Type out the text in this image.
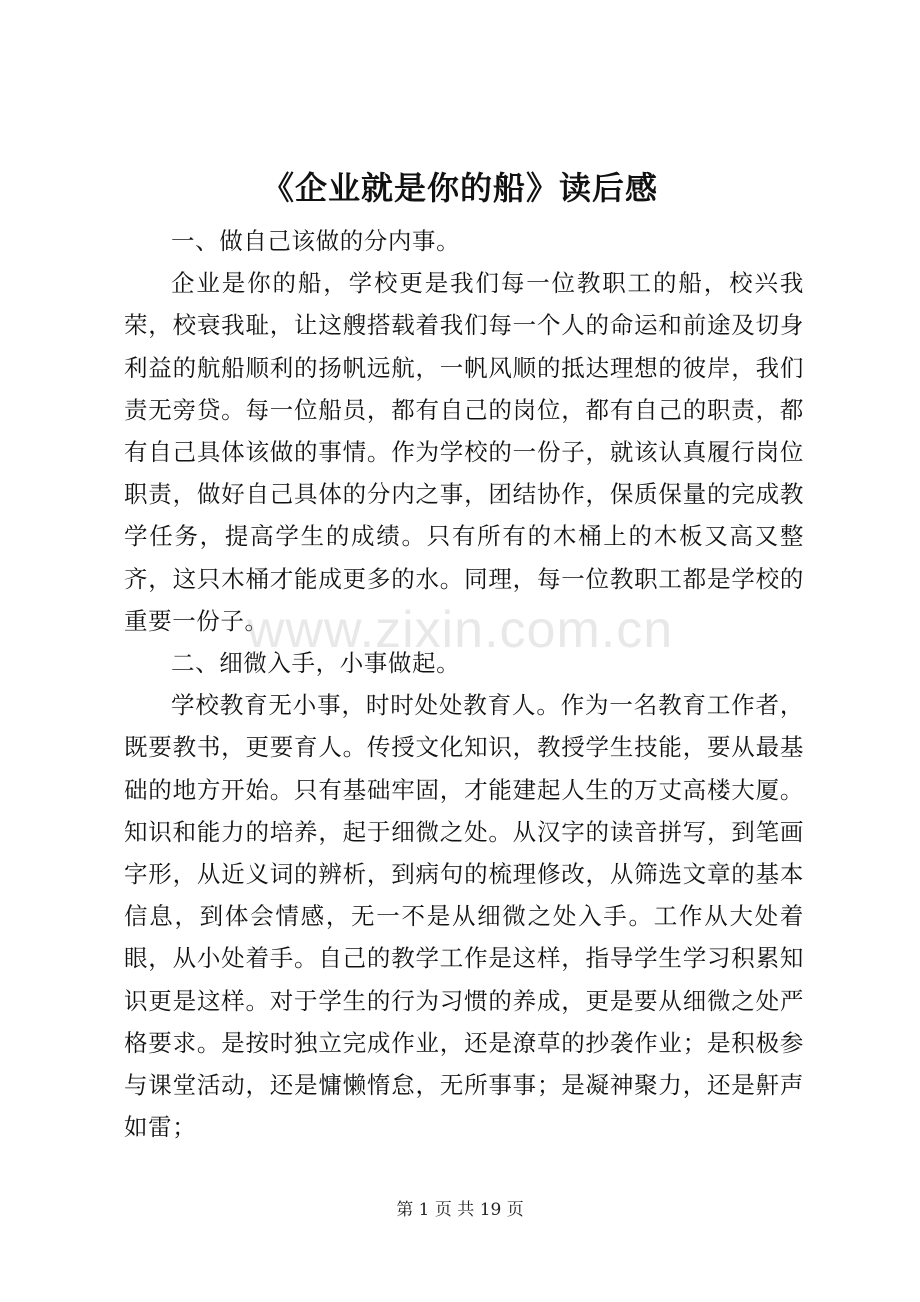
《企业就是你的船》读后感

一、做自己该做的分内事。

企业是你的船，学校更是我们每一位教职工的船，校兴我荣，校衰我耻，让这艘搭载着我们每一个人的命运和前途及切身利益的航船顺利的扬帆远航，一帆风顺的抵达理想的彼岸，我们责无旁贷。每一位船员，都有自己的岗位，都有自己的职责，都有自己具体该做的事情。作为学校的一份子，就该认真履行岗位职责，做好自己具体的分内之事，团结协作，保质保量的完成教学任务，提高学生的成绩。只有所有的木桶上的木板又高又整齐，这只木桶才能成更多的水。同理，每一位教职工都是学校的重要一份子。

二、细微入手，小事做起。

学校教育无小事，时时处处教育人。作为一名教育工作者，既要教书，更要育人。传授文化知识，教授学生技能，要从最基础的地方开始。只有基础牢固，才能建起人生的万丈高楼大厦。知识和能力的培养，起于细微之处。从汉字的读音拼写，到笔画字形，从近义词的辨析，到病句的梳理修改，从筛选文章的基本信息，到体会情感，无一不是从细微之处入手。工作从大处着眼，从小处着手。自己的教学工作是这样，指导学生学习积累知识更是这样。对于学生的行为习惯的养成，更是要从细微之处严格要求。是按时独立完成作业，还是潦草的抄袭作业；是积极参与课堂活动，还是慵懒惰怠，无所事事；是凝神聚力，还是鼾声如雷；

www.zixin.com.cn
第 1 页 共 19 页
